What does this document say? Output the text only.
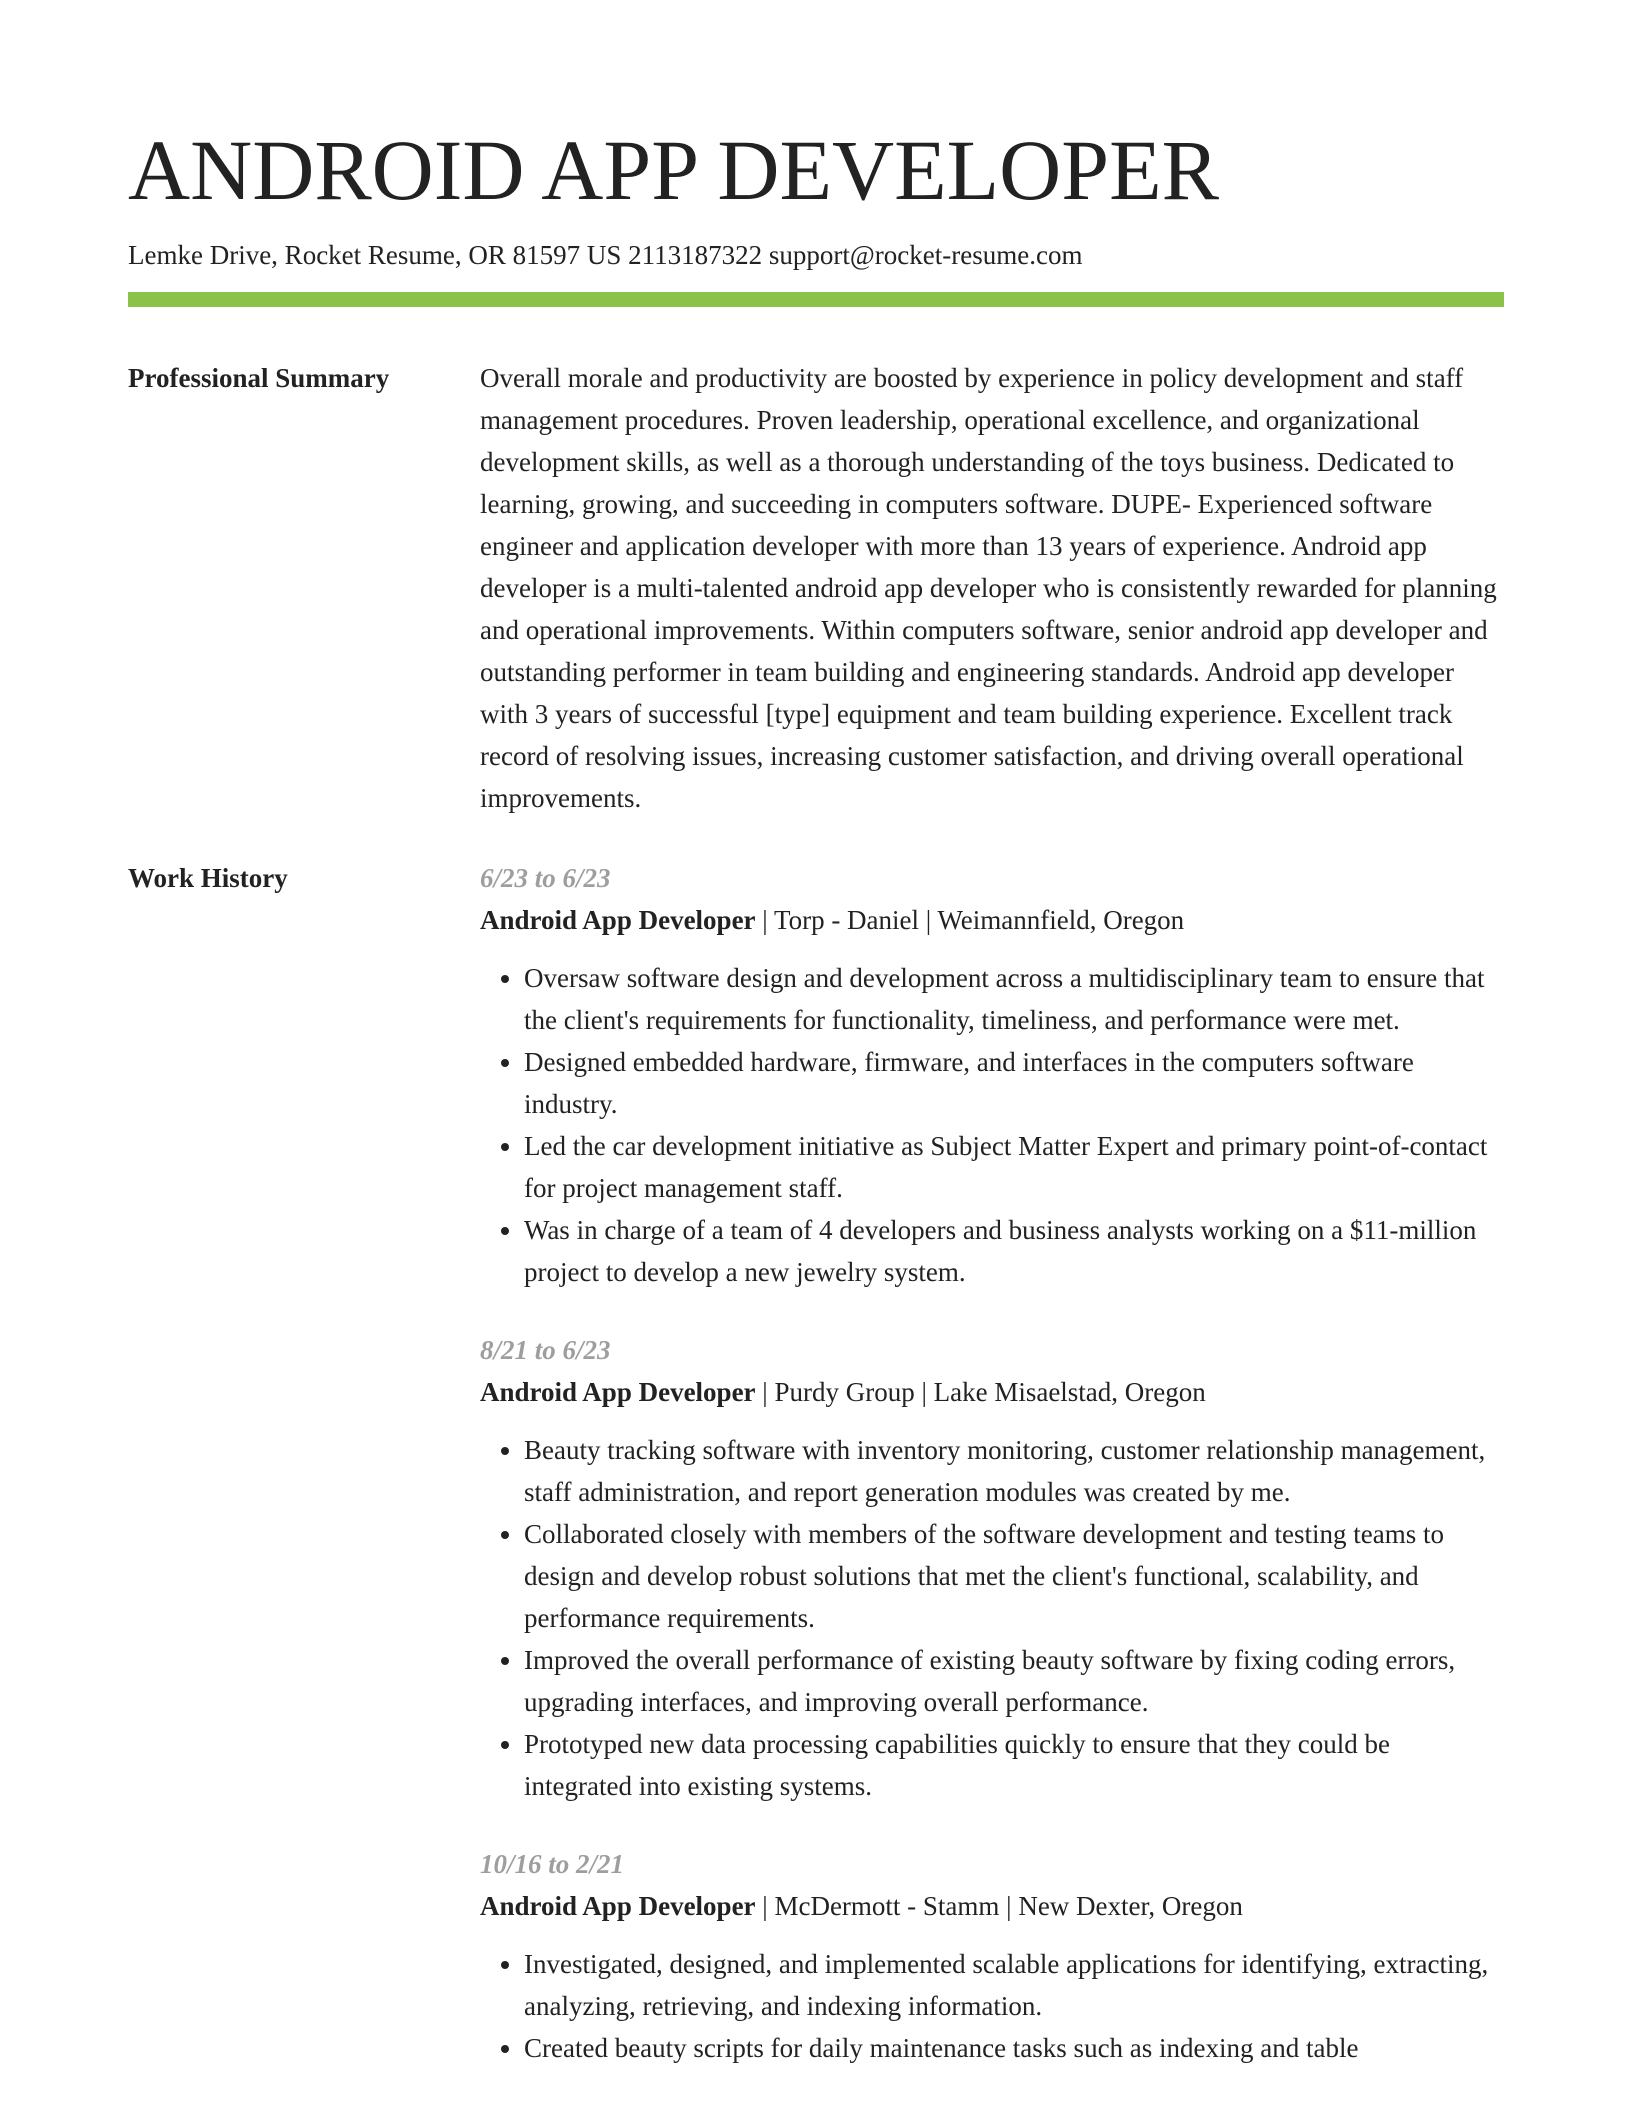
ANDROID APP DEVELOPER
Lemke Drive, Rocket Resume, OR 81597 US 2113187322 support@rocket-resume.com
Professional Summary	Overall morale and productivity are boosted by experience in policy development and staff management procedures. Proven leadership, operational excellence, and organizational development skills, as well as a thorough understanding of the toys business. Dedicated to learning, growing, and succeeding in computers software. DUPE- Experienced software engineer and application developer with more than 13 years of experience. Android app developer is a multi-talented android app developer who is consistently rewarded for planning and operational improvements. Within computers software, senior android app developer and outstanding performer in team building and engineering standards. Android app developer with 3 years of successful [type] equipment and team building experience. Excellent track record of resolving issues, increasing customer satisfaction, and driving overall operational improvements.

Work History	6/23 to 6/23
Android App Developer | Torp - Daniel | Weimannfield, Oregon
• Oversaw software design and development across a multidisciplinary team to ensure that the client's requirements for functionality, timeliness, and performance were met.
• Designed embedded hardware, firmware, and interfaces in the computers software industry.
• Led the car development initiative as Subject Matter Expert and primary point-of-contact for project management staff.
• Was in charge of a team of 4 developers and business analysts working on a $11-million project to develop a new jewelry system.
8/21 to 6/23
Android App Developer | Purdy Group | Lake Misaelstad, Oregon
• Beauty tracking software with inventory monitoring, customer relationship management, staff administration, and report generation modules was created by me.
• Collaborated closely with members of the software development and testing teams to design and develop robust solutions that met the client's functional, scalability, and performance requirements.
• Improved the overall performance of existing beauty software by fixing coding errors, upgrading interfaces, and improving overall performance.
• Prototyped new data processing capabilities quickly to ensure that they could be integrated into existing systems.
10/16 to 2/21
Android App Developer | McDermott - Stamm | New Dexter, Oregon
• Investigated, designed, and implemented scalable applications for identifying, extracting, analyzing, retrieving, and indexing information.
• Created beauty scripts for daily maintenance tasks such as indexing and table
